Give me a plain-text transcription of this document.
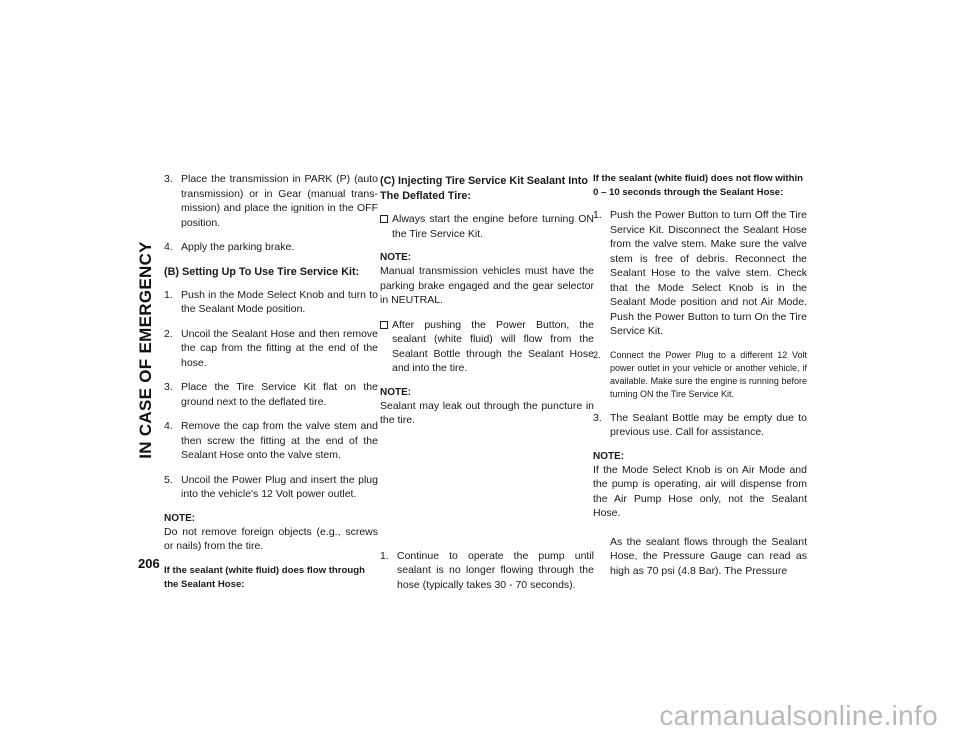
IN CASE OF EMERGENCY
206
3. Place the transmission in PARK (P) (auto transmission) or in Gear (manual trans- mission) and place the ignition in the OFF position.
4. Apply the parking brake.
(B) Setting Up To Use Tire Service Kit:
1. Push in the Mode Select Knob and turn to the Sealant Mode position.
2. Uncoil the Sealant Hose and then remove the cap from the fitting at the end of the hose.
3. Place the Tire Service Kit flat on the ground next to the deflated tire.
4. Remove the cap from the valve stem and then screw the fitting at the end of the Sealant Hose onto the valve stem.
5. Uncoil the Power Plug and insert the plug into the vehicle's 12 Volt power outlet.
NOTE:
Do not remove foreign objects (e.g., screws or nails) from the tire.
If the sealant (white fluid) does flow through the Sealant Hose:
(C) Injecting Tire Service Kit Sealant Into The Deflated Tire:
Always start the engine before turning ON the Tire Service Kit.
NOTE:
Manual transmission vehicles must have the parking brake engaged and the gear selector in NEUTRAL.
After pushing the Power Button, the sealant (white fluid) will flow from the Sealant Bottle through the Sealant Hose and into the tire.
NOTE:
Sealant may leak out through the puncture in the tire.
1. Continue to operate the pump until sealant is no longer flowing through the hose (typically takes 30 - 70 seconds).
If the sealant (white fluid) does not flow within 0 – 10 seconds through the Sealant Hose:
1. Push the Power Button to turn Off the Tire Service Kit. Disconnect the Sealant Hose from the valve stem. Make sure the valve stem is free of debris. Reconnect the Sealant Hose to the valve stem. Check that the Mode Select Knob is in the Sealant Mode position and not Air Mode. Push the Power Button to turn On the Tire Service Kit.
2. Connect the Power Plug to a different 12 Volt power outlet in your vehicle or another vehicle, if available. Make sure the engine is running before turning ON the Tire Service Kit.
3. The Sealant Bottle may be empty due to previous use. Call for assistance.
NOTE:
If the Mode Select Knob is on Air Mode and the pump is operating, air will dispense from the Air Pump Hose only, not the Sealant Hose.
As the sealant flows through the Sealant Hose, the Pressure Gauge can read as high as 70 psi (4.8 Bar). The Pressure
carmanualsonline.info
